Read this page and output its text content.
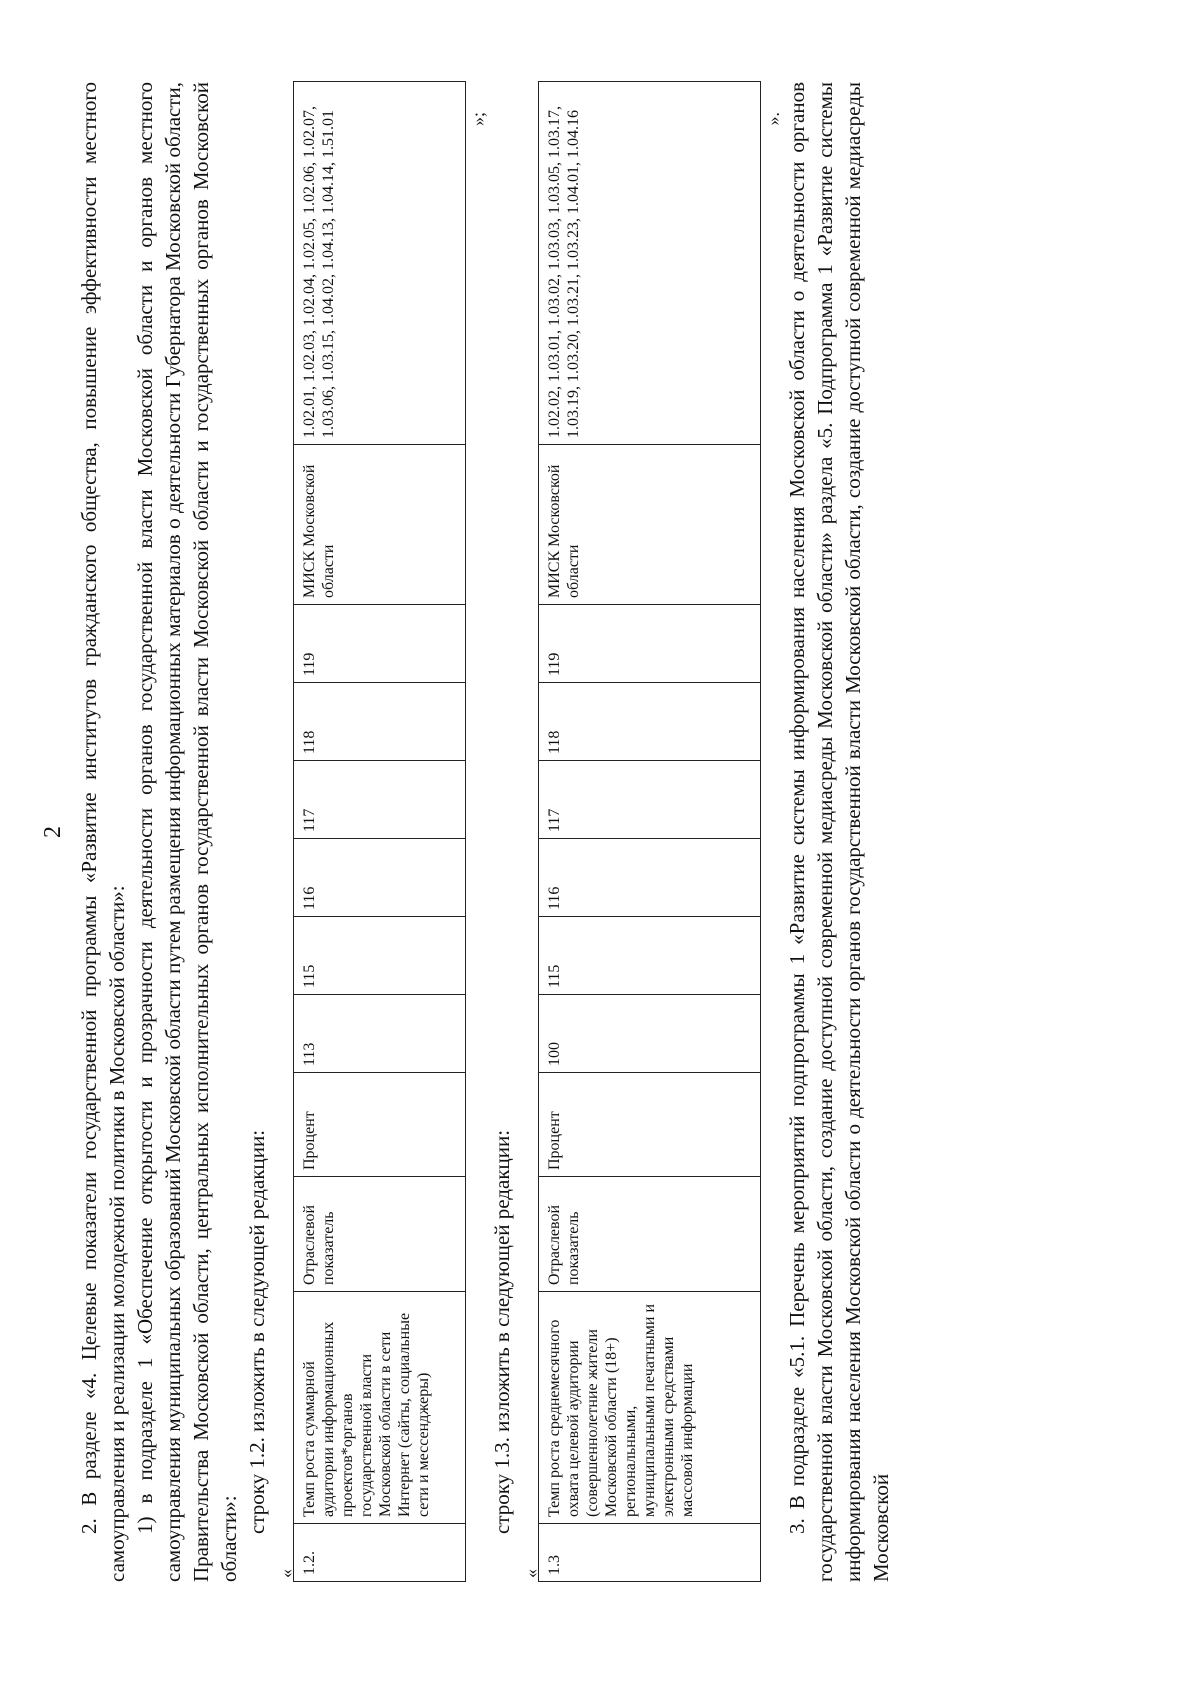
2 2. В разделе «4. Целевые показатели государственной программы «Развитие институтов гражданского общества, повышение эффективности местного самоуправления и реализации молодежной политики в Московской области»: 1) в подразделе 1 «Обеспечение открытости и прозрачности деятельности органов государственной власти Московской области и органов местного самоуправления муниципальных образований Московской области путем размещения информационных материалов о деятельности Губернатора Московской области, Правительства Московской области, центральных исполнительных органов государственной власти Московской области и государственных органов Московской области»:

строку 1.2. изложить в следующей редакции:

« 1.2.	Темп роста суммарной аудитории информационных проектов*органов государственной власти Московской области в сети Интернет (сайты, социальные сети и мессенджеры)	Отраслевой показатель	Процент	113	115	116	117	118	119	МИСК Московской области	1.02.01, 1.02.03, 1.02.04, 1.02.05, 1.02.06, 1.02.07, 1.03.06, 1.03.15, 1.04.02, 1.04.13, 1.04.14, 1.51.01	»;

строку 1.3. изложить в следующей редакции:

« 1.3	Темп роста среднемесячного охвата целевой аудитории (совершеннолетние жители Московской области (18+) региональными, муниципальными печатными и электронными средствами массовой информации	Отраслевой показатель	Процент	100	115	116	117	118	119	МИСК Московской области	1.02.02, 1.03.01, 1.03.02, 1.03.03, 1.03.05, 1.03.17, 1.03.19, 1.03.20, 1.03.21, 1.03.23, 1.04.01, 1.04.16	». 3. В подразделе «5.1. Перечень мероприятий подпрограммы 1 «Развитие системы информирования населения Московской области о деятельности органов государственной власти Московской области, создание доступной современной медиасреды Московской области» раздела «5. Подпрограмма 1 «Развитие системы информирования населения Московской области о деятельности органов государственной власти Московской области, создание доступной современной медиасреды Московской
